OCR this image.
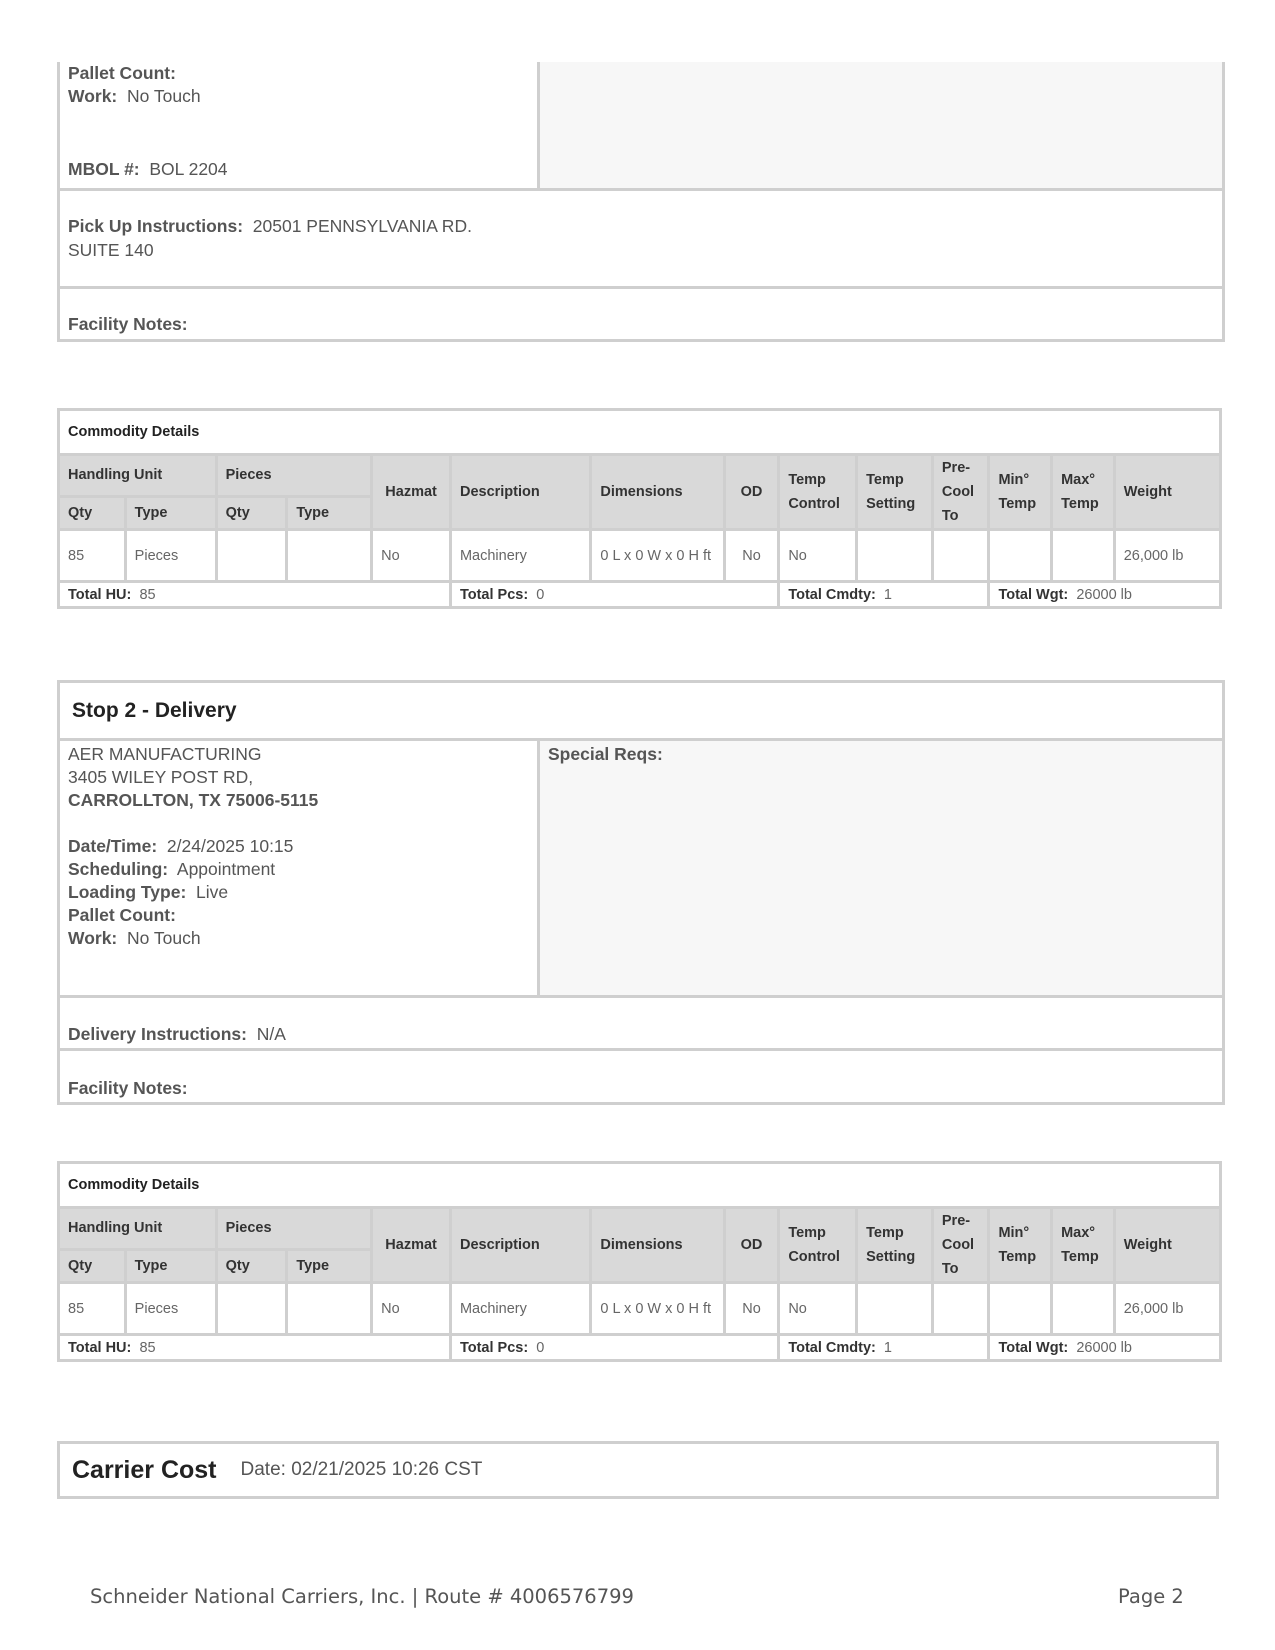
Pallet Count:
Work: No Touch
MBOL #: BOL 2204
Pick Up Instructions: 20501 PENNSYLVANIA RD.
SUITE 140
Facility Notes:
Commodity Details													
Handling Unit		Pieces		Hazmat	Description	Dimensions	OD	Temp Control	Temp Setting	Pre-Cool To	Min° Temp	Max° Temp	Weight
Qty	Type	Qty	Type										
85	Pieces			No	Machinery	0 L x 0 W x 0 H ft	No	No					26,000 lb
Total HU: 85					Total Pcs: 0			Total Cmdty: 1			Total Wgt: 26000 lb		
Stop 2 - Delivery
AER MANUFACTURING
3405 WILEY POST RD,
CARROLLTON, TX 75006-5115
Date/Time: 2/24/2025 10:15
Scheduling: Appointment
Loading Type: Live
Pallet Count:
Work: No Touch
Special Reqs:
Delivery Instructions: N/A
Facility Notes:
Commodity Details													
Handling Unit		Pieces		Hazmat	Description	Dimensions	OD	Temp Control	Temp Setting	Pre-Cool To	Min° Temp	Max° Temp	Weight
Qty	Type	Qty	Type										
85	Pieces			No	Machinery	0 L x 0 W x 0 H ft	No	No					26,000 lb
Total HU: 85					Total Pcs: 0			Total Cmdty: 1			Total Wgt: 26000 lb		
Carrier Cost Date: 02/21/2025 10:26 CST
Schneider National Carriers, Inc. | Route # 4006576799	Page 2
